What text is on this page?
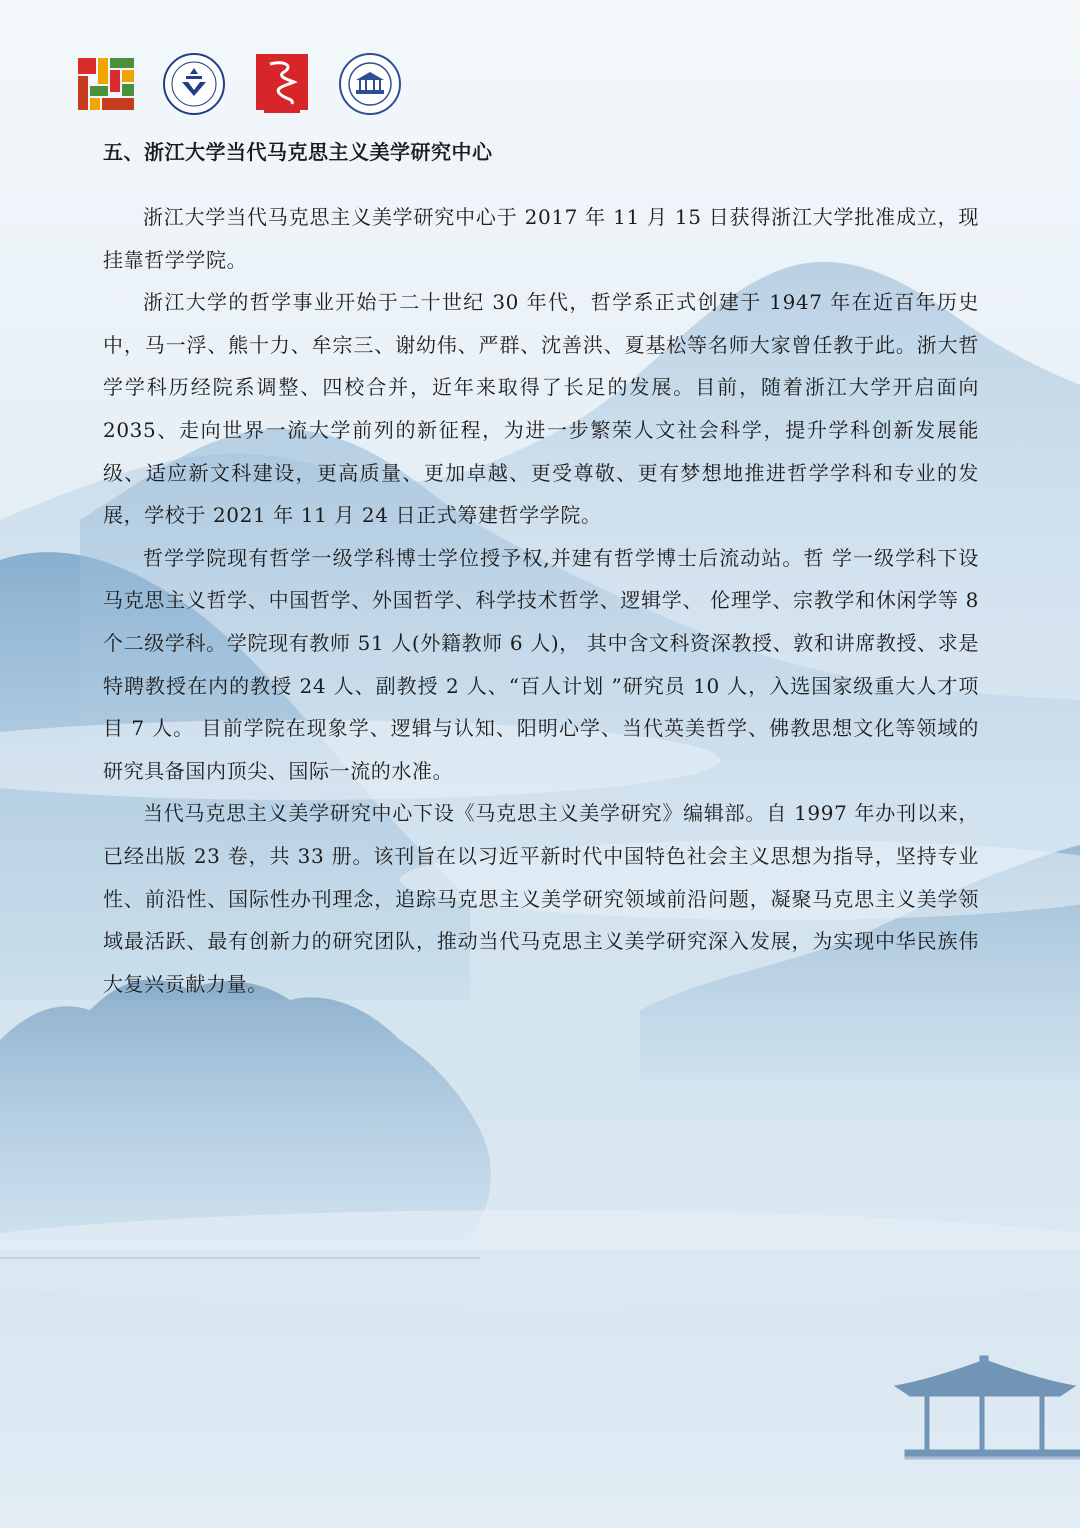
五、浙江大学当代马克思主义美学研究中心

浙江大学当代马克思主义美学研究中心于 2017 年 11 月 15 日获得浙江大学批准成立，现挂靠哲学学院。

浙江大学的哲学事业开始于二十世纪 30 年代，哲学系正式创建于 1947 年在近百年历史中，马一浮、熊十力、牟宗三、谢幼伟、严群、沈善洪、夏基松等名师大家曾任教于此。浙大哲学学科历经院系调整、四校合并，近年来取得了长足的发展。目前，随着浙江大学开启面向 2035、走向世界一流大学前列的新征程，为进一步繁荣人文社会科学，提升学科创新发展能级、适应新文科建设，更高质量、更加卓越、更受尊敬、更有梦想地推进哲学学科和专业的发展，学校于 2021 年 11 月 24 日正式筹建哲学学院。

哲学学院现有哲学一级学科博士学位授予权,并建有哲学博士后流动站。哲 学一级学科下设马克思主义哲学、中国哲学、外国哲学、科学技术哲学、逻辑学、 伦理学、宗教学和休闲学等 8 个二级学科。学院现有教师 51 人(外籍教师 6 人)， 其中含文科资深教授、敦和讲席教授、求是特聘教授在内的教授 24 人、副教授 2 人、“百人计划 ”研究员 10 人，入选国家级重大人才项目 7 人。 目前学院在现象学、逻辑与认知、阳明心学、当代英美哲学、佛教思想文化等领域的研究具备国内顶尖、国际一流的水准。

当代马克思主义美学研究中心下设《马克思主义美学研究》编辑部。自 1997 年办刊以来，已经出版 23 卷，共 33 册。该刊旨在以习近平新时代中国特色社会主义思想为指导，坚持专业性、前沿性、国际性办刊理念，追踪马克思主义美学研究领域前沿问题，凝聚马克思主义美学领域最活跃、最有创新力的研究团队，推动当代马克思主义美学研究深入发展，为实现中华民族伟大复兴贡献力量。
